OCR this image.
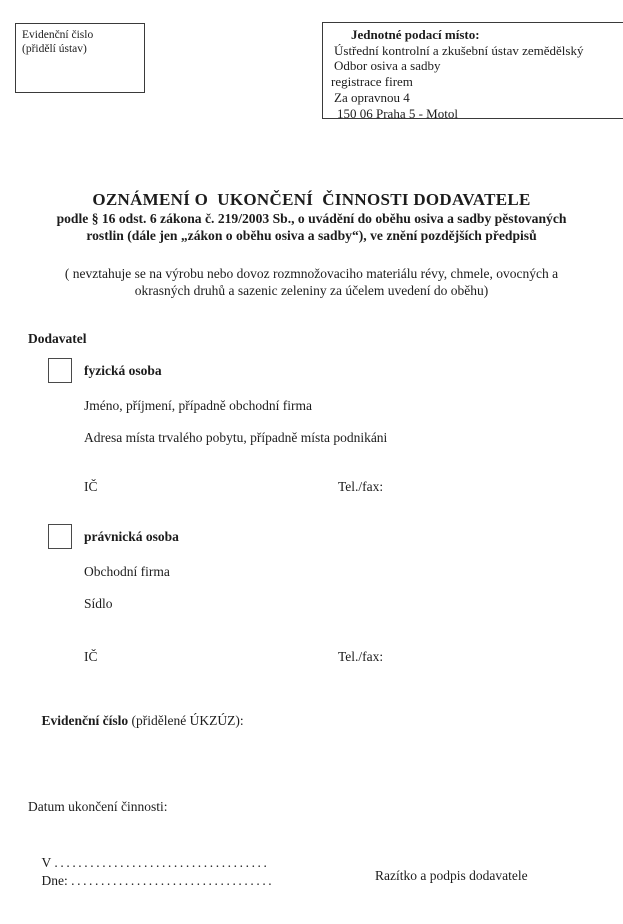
Evidenční čislo
(přidělí ústav)
Jednotné podací místo:
Ústřední kontrolní a zkušební ústav zemědělský
Odbor osiva a sadby
registrace firem
Za opravnou 4
150 06 Praha 5 - Motol
OZNÁMENÍ O  UKONČENÍ  ČINNOSTI DODAVATELE
podle § 16 odst. 6 zákona č. 219/2003 Sb., o uvádění do oběhu osiva a sadby pěstovaných
rostlin (dále jen „zákon o oběhu osiva a sadby“), ve znění pozdějších předpisů
( nevztahuje se na výrobu nebo dovoz rozmnožovaciho materiálu révy, chmele, ovocných a
okrasných druhů a sazenic zeleniny za účelem uvedení do oběhu)
Dodavatel
fyzická osoba
Jméno, příjmení, případně obchodní firma
Adresa místa trvalého pobytu, případně místa podnikáni
IČ	Tel./fax:
právnická osoba
Obchodní firma
Sídlo
IČ	Tel./fax:

Evidenční číslo (přidělené ÚKZÚZ):

Datum ukončení činnosti:

V ....................................

Dne: ..................................
	Razítko a podpis dodavatele
